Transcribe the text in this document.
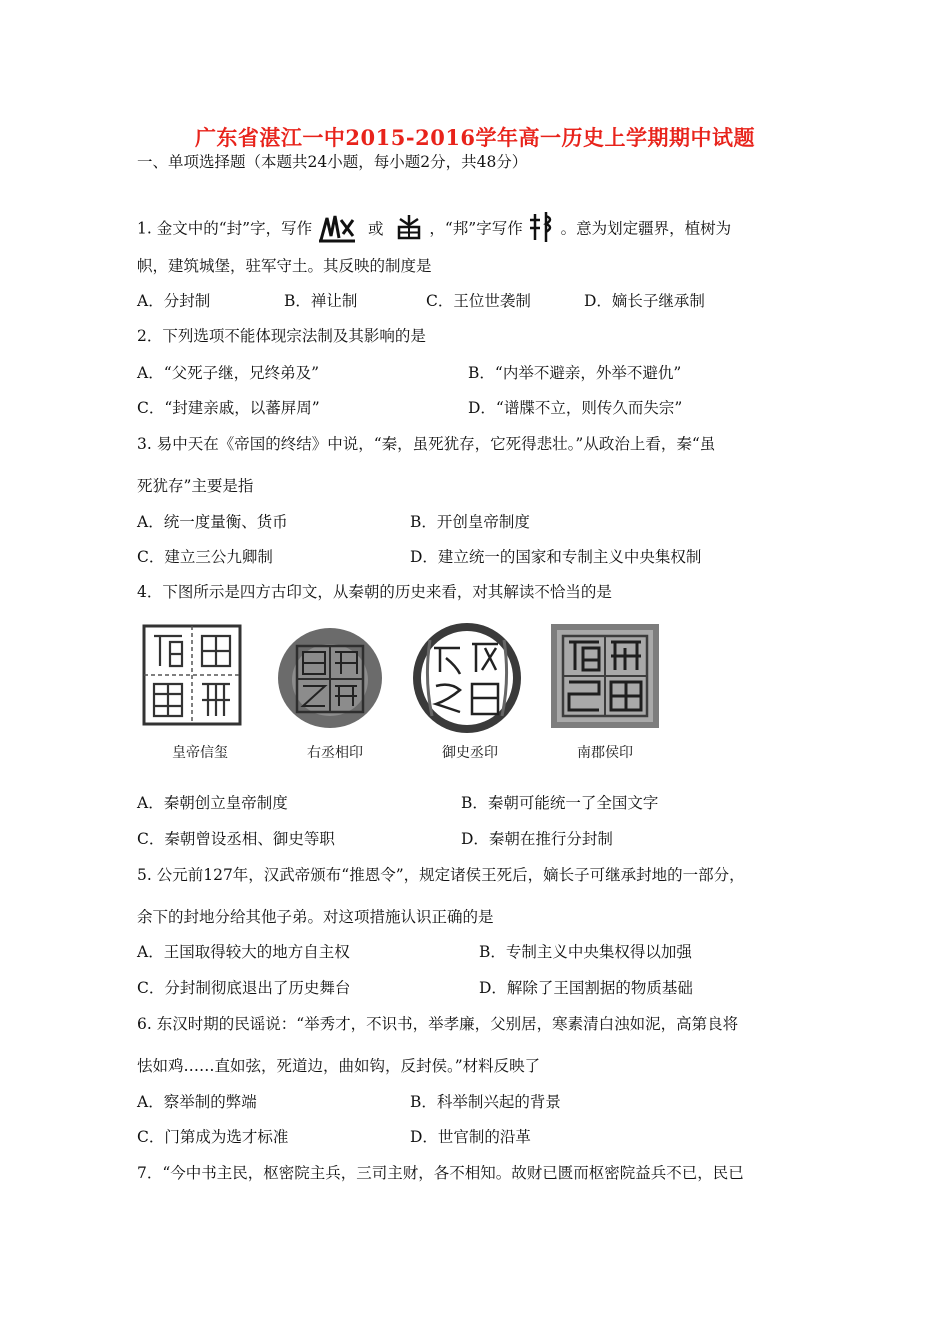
广东省湛江一中2015-2016学年高一历史上学期期中试题
一、单项选择题（本题共24小题，每小题2分，共48分）
1. 金文中的“封”字，写作	或	，“邦”字写作 。意为划定疆界，植树为
帜，建筑城堡，驻军守土。其反映的制度是
A．分封制	B．禅让制	C．王位世袭制	D．嫡长子继承制
2．下列选项不能体现宗法制及其影响的是
A．“父死子继，兄终弟及”	B．“内举不避亲，外举不避仇”
C．“封建亲戚，以蕃屏周”	D．“谱牒不立，则传久而失宗”
3. 易中天在《帝国的终结》中说，“秦，虽死犹存，它死得悲壮。”从政治上看，秦“虽
死犹存”主要是指
A．统一度量衡、货币	B．开创皇帝制度
C．建立三公九卿制	D．建立统一的国家和专制主义中央集权制
4．下图所示是四方古印文，从秦朝的历史来看，对其解读不恰当的是
皇帝信玺	右丞相印	御史丞印	南郡侯印
A．秦朝创立皇帝制度	B．秦朝可能统一了全国文字
C．秦朝曾设丞相、御史等职	D．秦朝在推行分封制
5. 公元前127年，汉武帝颁布“推恩令”，规定诸侯王死后，嫡长子可继承封地的一部分，
余下的封地分给其他子弟。对这项措施认识正确的是
A．王国取得较大的地方自主权	B．专制主义中央集权得以加强
C．分封制彻底退出了历史舞台	D．解除了王国割据的物质基础
6. 东汉时期的民谣说：“举秀才，不识书，举孝廉，父别居，寒素清白浊如泥，高第良将
怯如鸡……直如弦，死道边，曲如钩，反封侯。”材料反映了
A．察举制的弊端	B．科举制兴起的背景
C．门第成为选才标准	D．世官制的沿革
7．“今中书主民，枢密院主兵，三司主财，各不相知。故财已匮而枢密院益兵不已，民已
